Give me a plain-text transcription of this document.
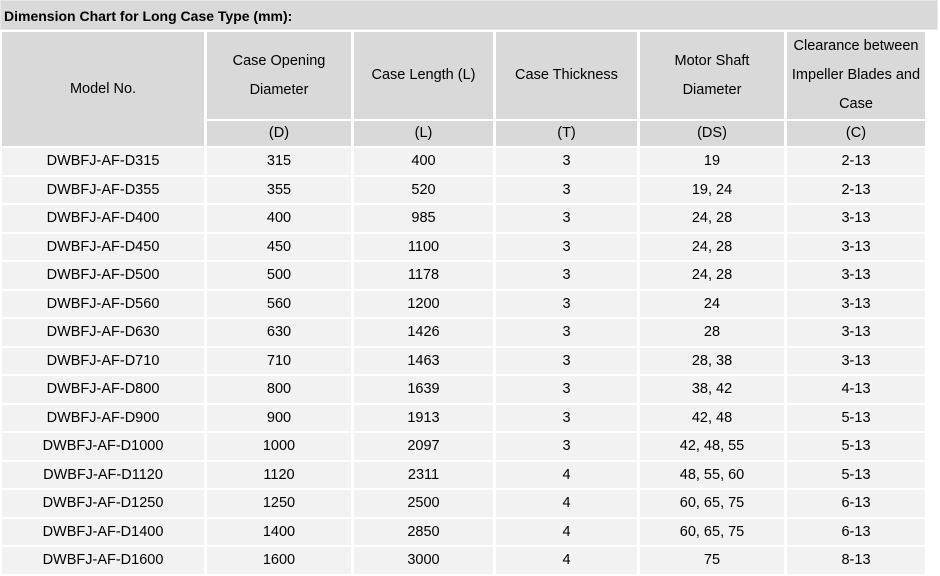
Dimension Chart for Long Case Type (mm):
Model No.	Case Opening Diameter	Case Length (L)	Case Thickness	Motor Shaft Diameter	Clearance between Impeller Blades and Case
	(D)	(L)	(T)	(DS)	(C)
DWBFJ-AF-D315	315	400	3	19	2-13
DWBFJ-AF-D355	355	520	3	19, 24	2-13
DWBFJ-AF-D400	400	985	3	24, 28	3-13
DWBFJ-AF-D450	450	1100	3	24, 28	3-13
DWBFJ-AF-D500	500	1178	3	24, 28	3-13
DWBFJ-AF-D560	560	1200	3	24	3-13
DWBFJ-AF-D630	630	1426	3	28	3-13
DWBFJ-AF-D710	710	1463	3	28, 38	3-13
DWBFJ-AF-D800	800	1639	3	38, 42	4-13
DWBFJ-AF-D900	900	1913	3	42, 48	5-13
DWBFJ-AF-D1000	1000	2097	3	42, 48, 55	5-13
DWBFJ-AF-D1120	1120	2311	4	48, 55, 60	5-13
DWBFJ-AF-D1250	1250	2500	4	60, 65, 75	6-13
DWBFJ-AF-D1400	1400	2850	4	60, 65, 75	6-13
DWBFJ-AF-D1600	1600	3000	4	75	8-13
